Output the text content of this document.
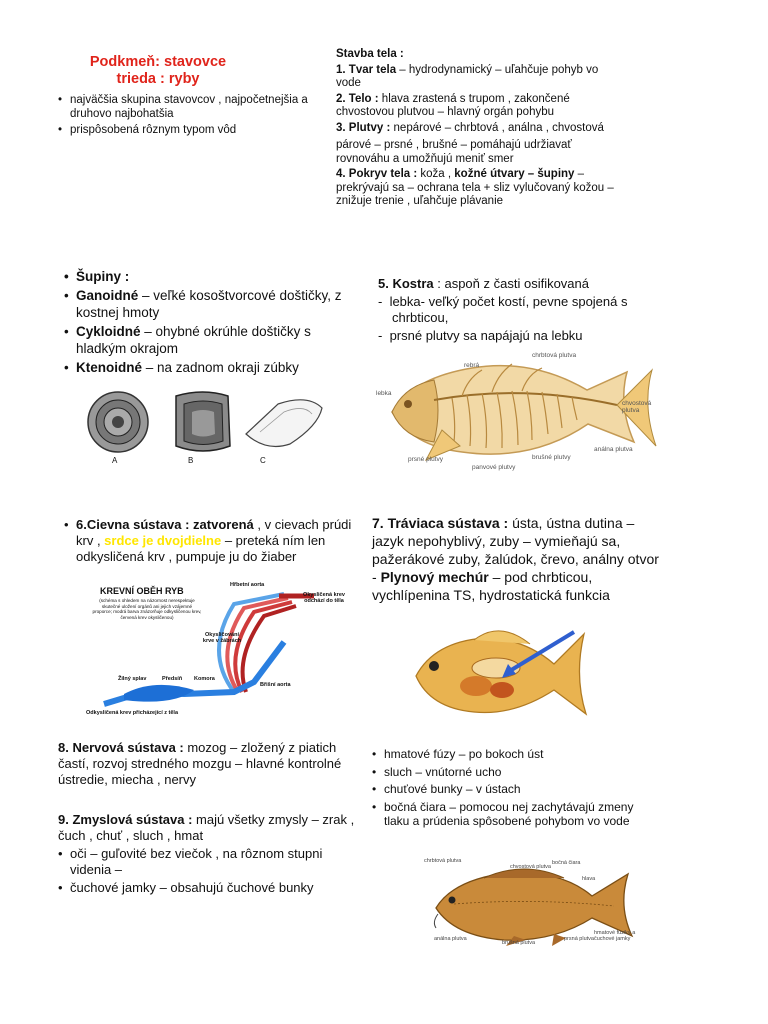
Podkmeň: stavovce
trieda : ryby
• najväčšia skupina stavovcov , najpočetnejšia a druhovo najbohatšia
• prispôsobená rôznym typom vôd
Stavba tela :
1. Tvar tela – hydrodynamický – uľahčuje pohyb vo vode
2. Telo : hlava zrastená s trupom , zakončené chvostovou plutvou – hlavný orgán pohybu
3. Plutvy : nepárové – chrbtová , análna , chvostová
párové – prsné , brušné – pomáhajú udržiavať rovnováhu a umožňujú meniť smer
4. Pokryv tela : koža , kožné útvary – šupiny – prekrývajú sa – ochrana tela + sliz vylučovaný kožou – znižuje trenie , uľahčuje plávanie
• Šupiny :
• Ganoidné – veľké kosoštvorcové doštičky, z kostnej hmoty
• Cykloidné – ohybné okrúhle doštičky s hladkým okrajom
• Ktenoidné – na zadnom okraji zúbky
A	B	C
5. Kostra : aspoň z časti osifikovaná
-  lebka- veľký počet kostí, pevne spojená s chrbticou,
-  prsné plutvy sa napájajú na lebku
rebrá
chrbtová plutva
lebka
chvostová plutva
prsné plutvy
panvové plutvy
brušné plutvy
análna plutva
• 6.Cievna sústava : zatvorená , v cievach prúdi krv , srdce je dvojdielne – preteká ním len odkysličená krv , pumpuje ju do žiaber
KREVNÍ OBĚH RYB
(schéma s ohledem na názornost nerespektuje skutečné uložení orgánů ani jejich vzájemné proporce; modrá barva znázorňuje odkysličenou krev, červená krev okysličenou)
Hřbetní aorta
Okysličená krev odchází do těla
Okysličování krve v žábrách
Žilný splav	Předsíň Komora
Břišní aorta
Odkysličená krev přicházející z těla
7. Tráviaca sústava : ústa, ústna dutina – jazyk nepohyblivý, zuby – vymieňajú sa, pažerákové zuby, žalúdok, črevo, análny otvor
- Plynový mechúr – pod chrbticou, vychlípenina TS, hydrostatická funkcia
8. Nervová sústava : mozog – zložený z piatich častí, rozvoj stredného mozgu – hlavné kontrolné ústredie, miecha , nervy
9. Zmyslová sústava : majú všetky zmysly – zrak , čuch , chuť , sluch , hmat
• oči – guľovité bez viečok , na rôznom stupni videnia –
• čuchové jamky – obsahujú čuchové bunky
• hmatové fúzy – po bokoch úst
• sluch – vnútorné ucho
• chuťové bunky – v ústach
• bočná čiara – pomocou nej zachytávajú zmeny tlaku a prúdenia spôsobené pohybom vo vode
chrbtová plutva	bočná čiara
hlava
análna plutva
chvostová plutva
brušná plutva
prsná plutva
hmatové fúziky a čuchové jamky
